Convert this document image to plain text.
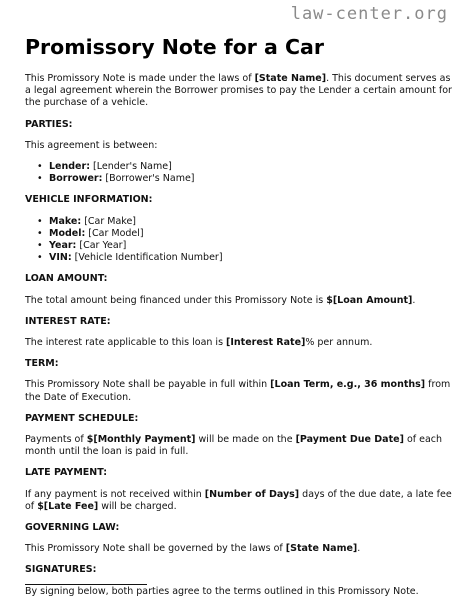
law-center.org
Promissory Note for a Car

This Promissory Note is made under the laws of [State Name]. This document serves as a legal agreement wherein the Borrower promises to pay the Lender a certain amount for the purchase of a vehicle.

PARTIES:

This agreement is between:

• Lender: [Lender's Name]
• Borrower: [Borrower's Name]
VEHICLE INFORMATION:
• Make: [Car Make]
• Model: [Car Model]
• Year: [Car Year]
• VIN: [Vehicle Identification Number]
LOAN AMOUNT:

The total amount being financed under this Promissory Note is $[Loan Amount].

INTEREST RATE:

The interest rate applicable to this loan is [Interest Rate]% per annum.

TERM:

This Promissory Note shall be payable in full within [Loan Term, e.g., 36 months] from the Date of Execution.

PAYMENT SCHEDULE:

Payments of $[Monthly Payment] will be made on the [Payment Due Date] of each month until the loan is paid in full.

LATE PAYMENT:

If any payment is not received within [Number of Days] days of the due date, a late fee of $[Late Fee] will be charged.

GOVERNING LAW:

This Promissory Note shall be governed by the laws of [State Name].

SIGNATURES:

By signing below, both parties agree to the terms outlined in this Promissory Note.
